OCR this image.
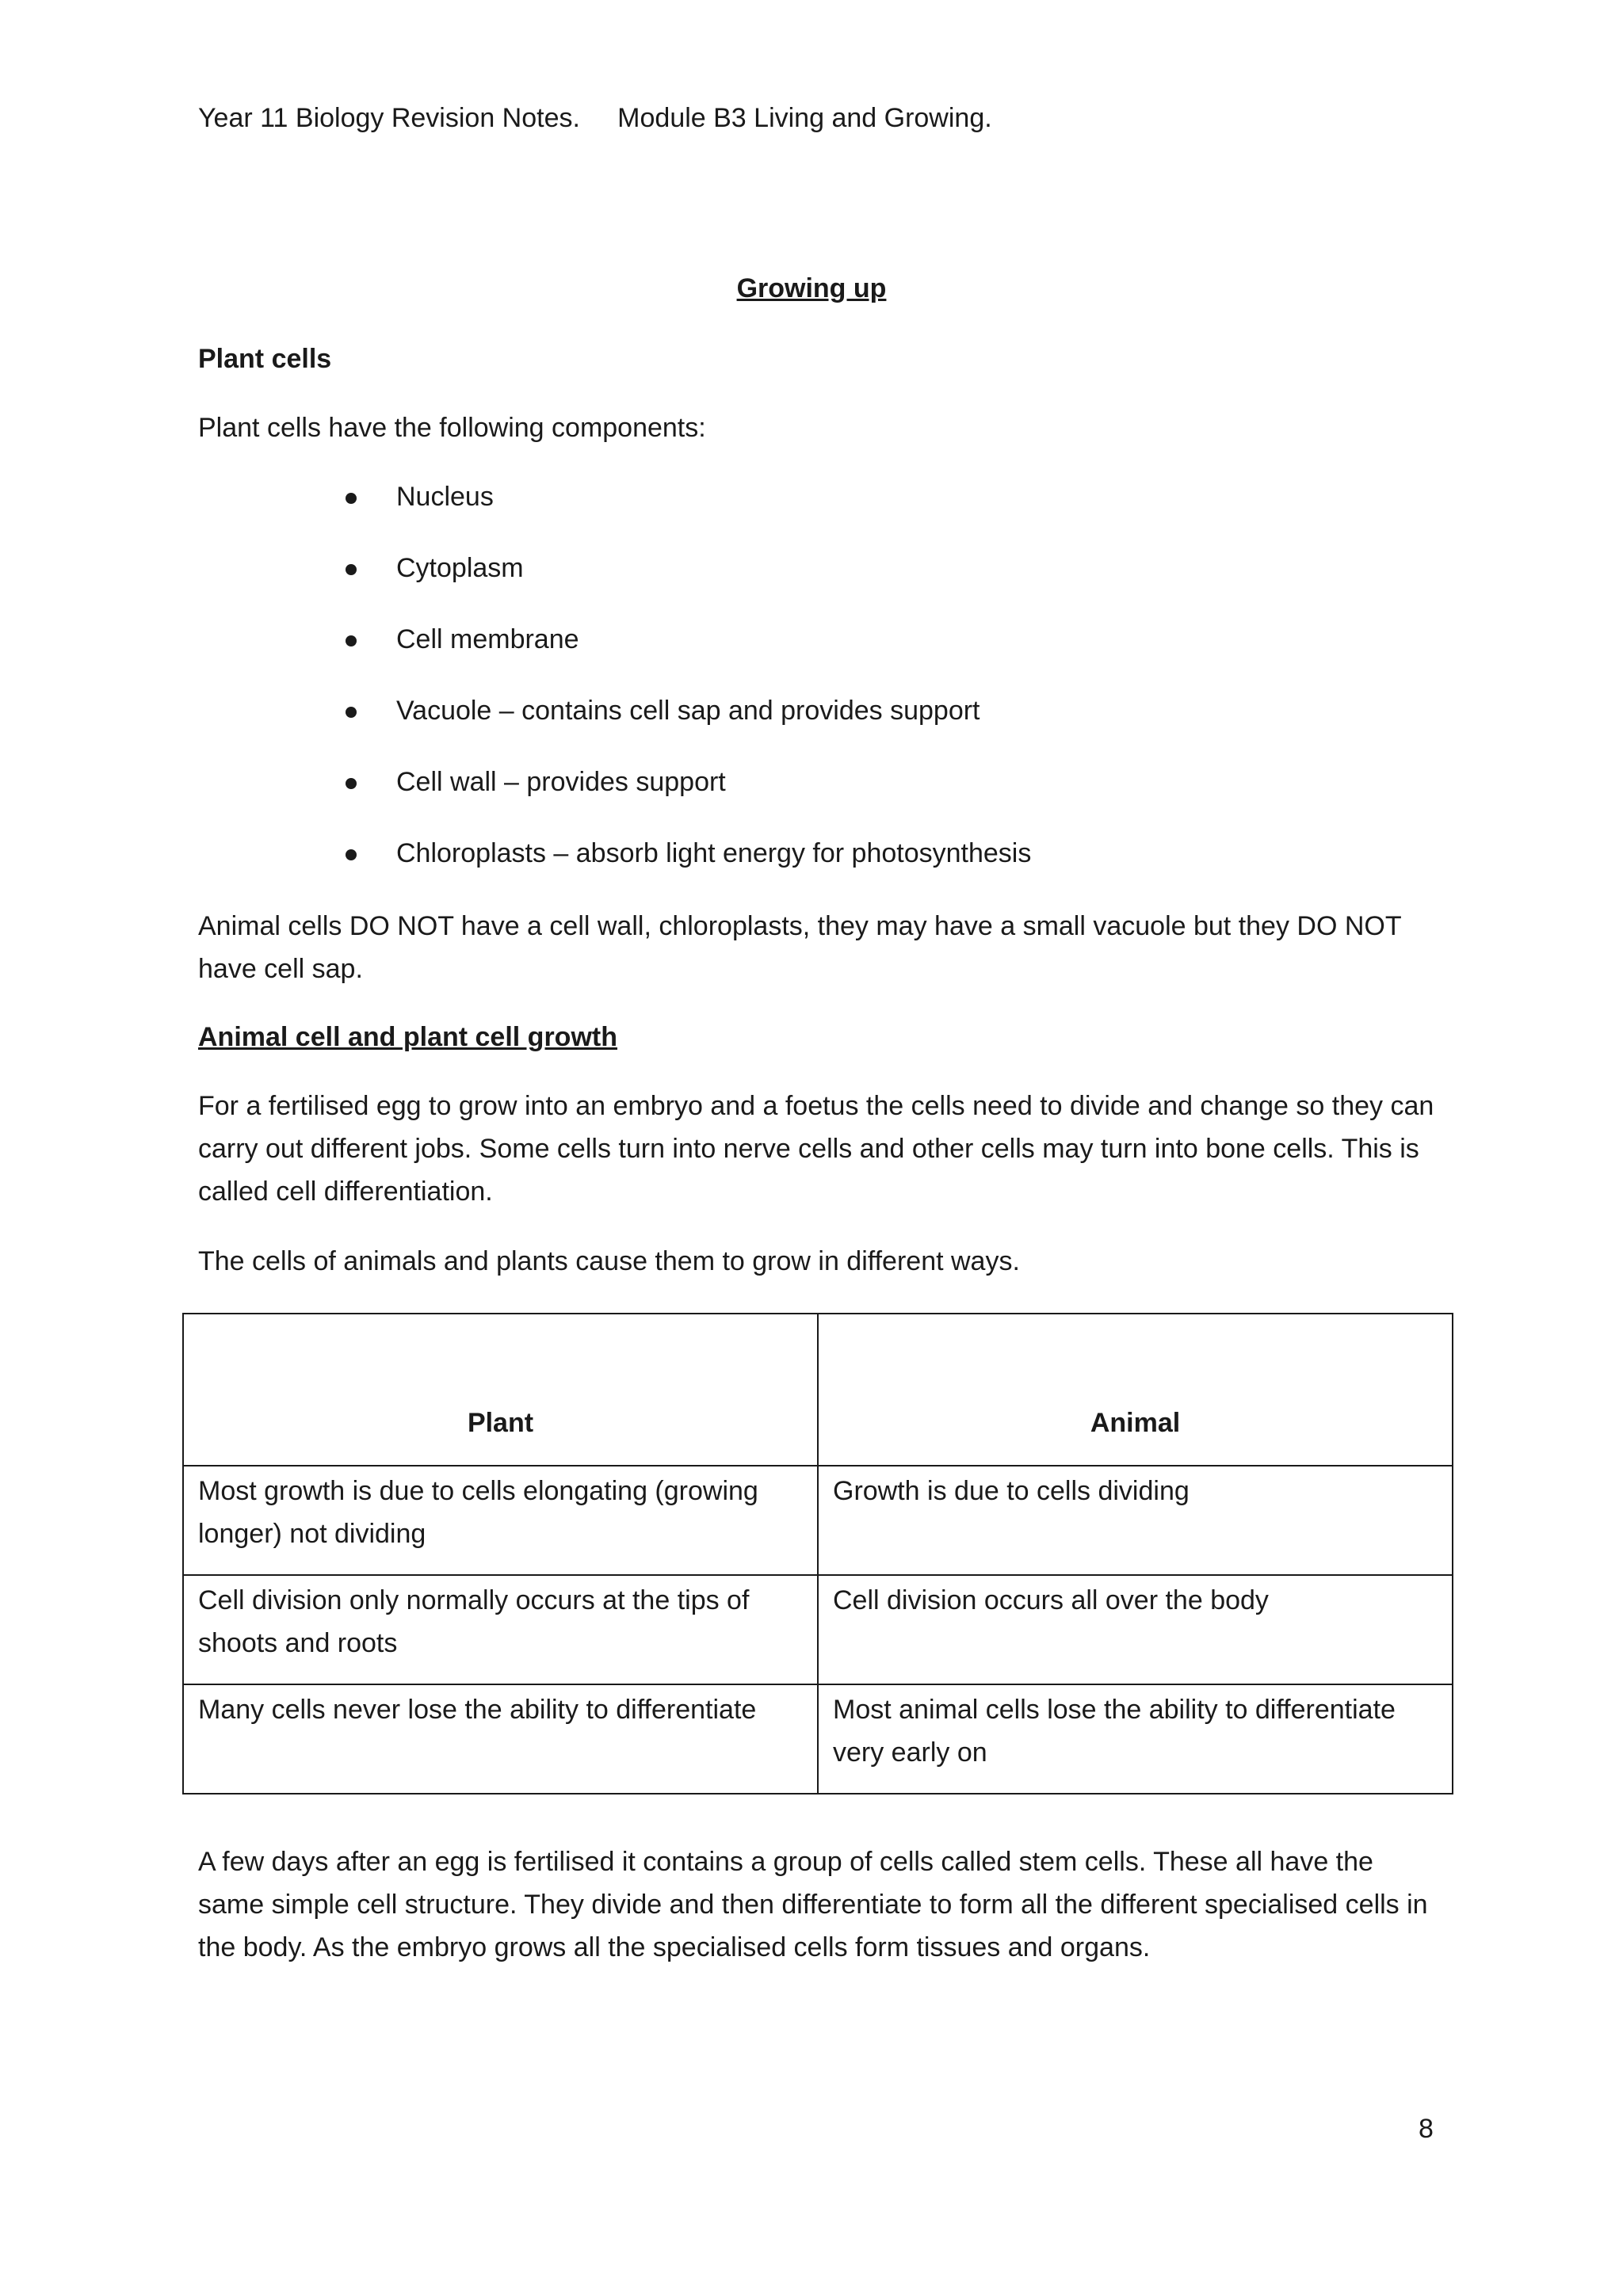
Year 11 Biology Revision Notes.     Module B3 Living and Growing.

Growing up
Plant cells

Plant cells have the following components:

Nucleus
Cytoplasm
Cell membrane
Vacuole – contains cell sap and provides support
Cell wall – provides support
Chloroplasts – absorb light energy for photosynthesis

Animal cells DO NOT have a cell wall, chloroplasts, they may have a small vacuole but they DO NOT have cell sap.

Animal cell and plant cell growth

For a fertilised egg to grow into an embryo and a foetus the cells need to divide and change so they can carry out different jobs. Some cells turn into nerve cells and other cells may turn into bone cells. This is called cell differentiation.

The cells of animals and plants cause them to grow in different ways.

Plant	Animal
Most growth is due to cells elongating (growing longer) not dividing	Growth is due to cells dividing
Cell division only normally occurs at the tips of shoots and roots	Cell division occurs all over the body
Many cells never lose the ability to differentiate	Most animal cells lose the ability to differentiate very early on

A few days after an egg is fertilised it contains a group of cells called stem cells. These all have the same simple cell structure. They divide and then differentiate to form all the different specialised cells in the body. As the embryo grows all the specialised cells form tissues and organs.

8
